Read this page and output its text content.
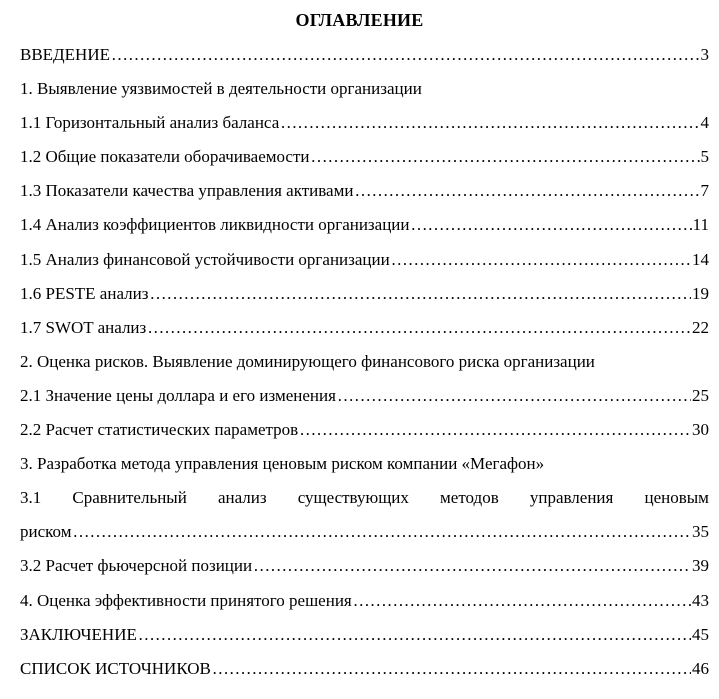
ОГЛАВЛЕНИЕ
ВВЕДЕНИЕ ……………………………………………………………………………………………………………………………………………………………………………………………………	3
1. Выявление уязвимостей в деятельности организации
1.1 Горизонтальный анализ баланса ……………………………………………………………………………………………………………………………………………………………………………………………………	4
1.2 Общие показатели оборачиваемости ……………………………………………………………………………………………………………………………………………………………………………………………………	5
1.3 Показатели качества управления активами ……………………………………………………………………………………………………………………………………………………………………………………………………	7
1.4 Анализ коэффициентов ликвидности организации ……………………………………………………………………………………………………………………………………………………………………………………………………	11
1.5 Анализ финансовой устойчивости организации ……………………………………………………………………………………………………………………………………………………………………………………………………	14
1.6 PESTE анализ ……………………………………………………………………………………………………………………………………………………………………………………………………	19
1.7 SWOT анализ ……………………………………………………………………………………………………………………………………………………………………………………………………	22
2. Оценка рисков. Выявление доминирующего финансового риска организации
2.1 Значение цены доллара и его изменения ……………………………………………………………………………………………………………………………………………………………………………………………………	25
2.2 Расчет статистических параметров ……………………………………………………………………………………………………………………………………………………………………………………………………	30
3. Разработка метода управления ценовым риском компании «Мегафон»
3.1 Сравнительный анализ существующих методов управления ценовым
риском ……………………………………………………………………………………………………………………………………………………………………………………………………	35
3.2 Расчет фьючерсной позиции ……………………………………………………………………………………………………………………………………………………………………………………………………	39
4. Оценка эффективности принятого решения ……………………………………………………………………………………………………………………………………………………………………………………………………	43
ЗАКЛЮЧЕНИЕ ……………………………………………………………………………………………………………………………………………………………………………………………………	45
СПИСОК ИСТОЧНИКОВ ……………………………………………………………………………………………………………………………………………………………………………………………………	46
